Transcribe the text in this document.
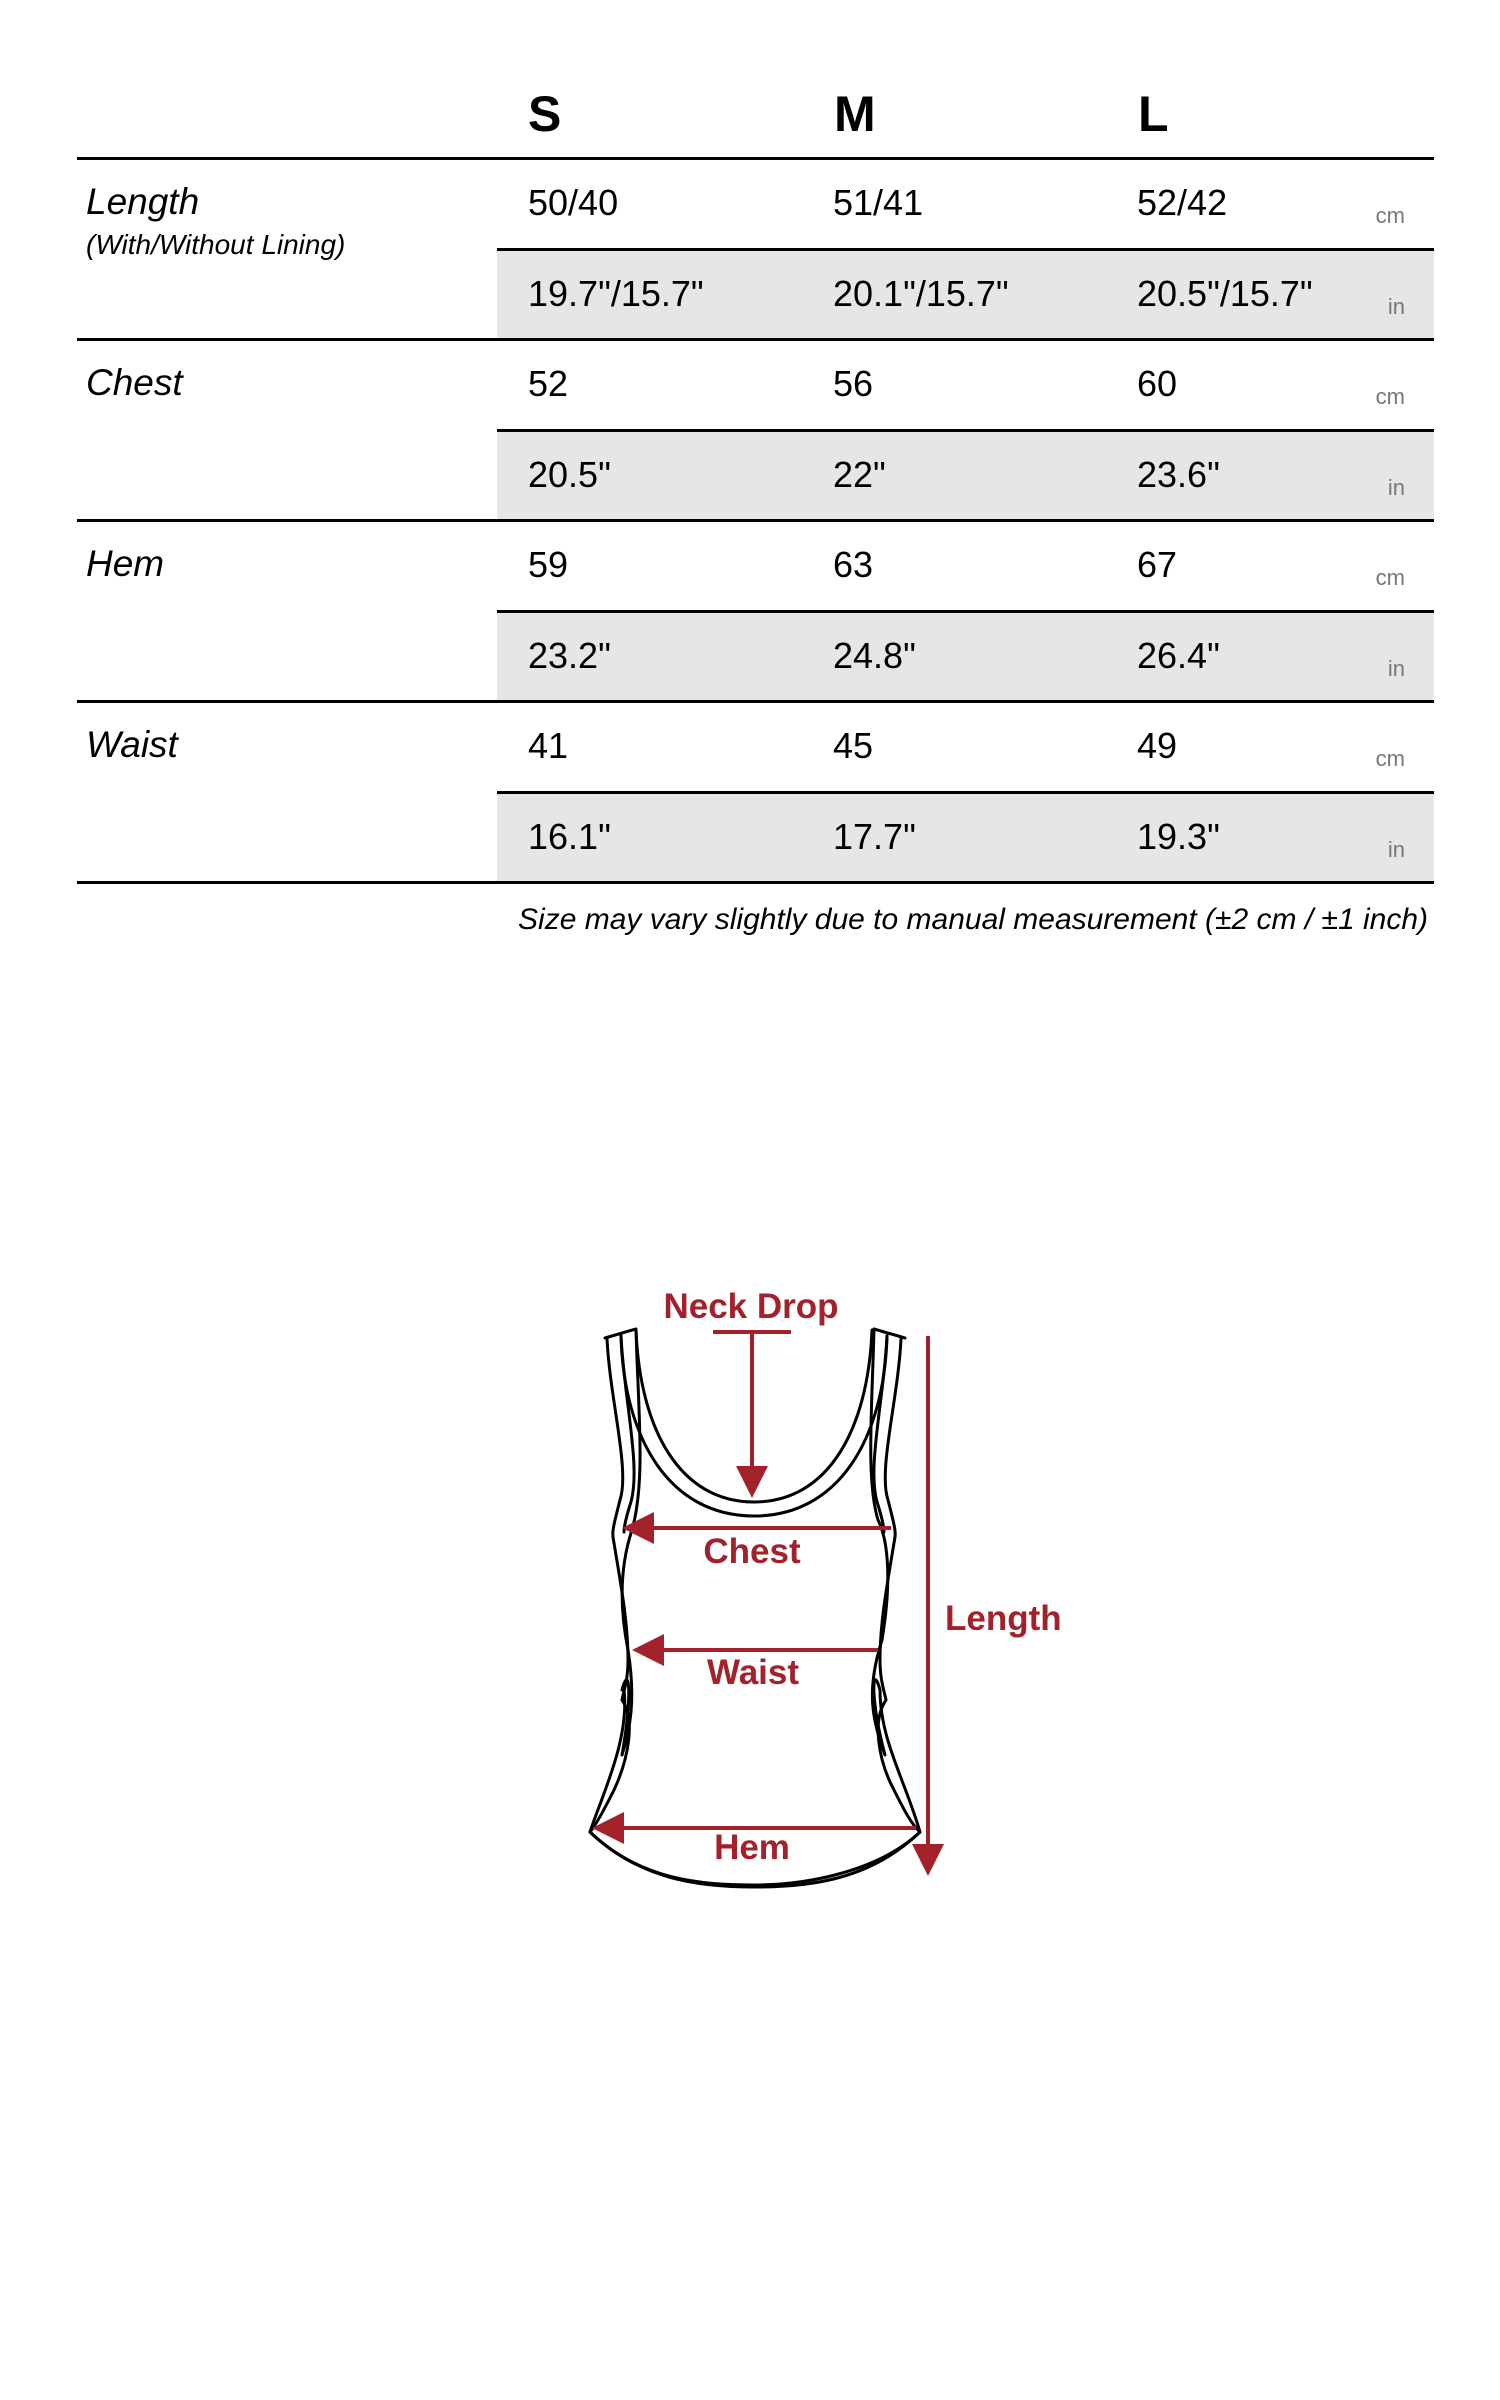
S	M	L
Length
(With/Without Lining)
50/40	51/41	52/42	cm
19.7"/15.7"	20.1"/15.7"	20.5"/15.7"	in
Chest	52	56	60	cm
20.5"	22"	23.6"	in
Hem	59	63	67	cm
23.2"	24.8"	26.4"	in
Waist	41	45	49	cm
16.1"	17.7"	19.3"	in
Size may vary slightly due to manual measurement (±2 cm / ±1 inch)
Neck Drop
Chest
Waist
Hem
Length
